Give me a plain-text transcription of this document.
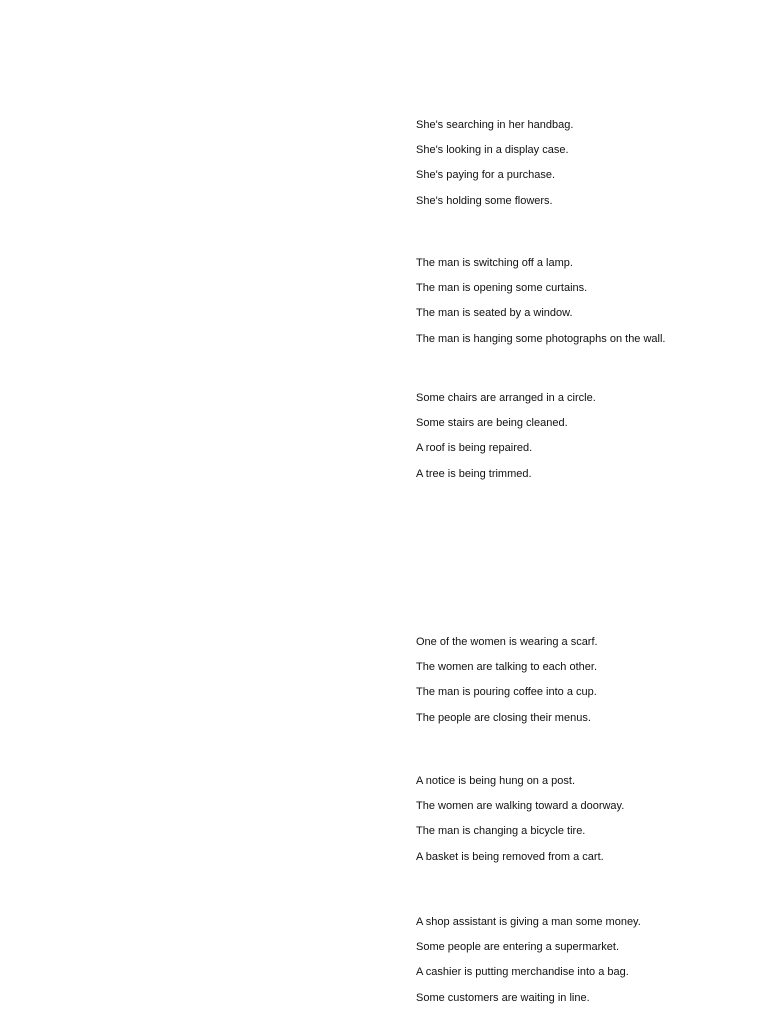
She's searching in her handbag.
She's looking in a display case.
She's paying for a purchase.
She's holding some flowers.
The man is switching off a lamp.
The man is opening some curtains.
The man is seated by a window.
The man is hanging some photographs on the wall.
Some chairs are arranged in a circle.
Some stairs are being cleaned.
A roof is being repaired.
A tree is being trimmed.
One of the women is wearing a scarf.
The women are talking to each other.
The man is pouring coffee into a cup.
The people are closing their menus.
A notice is being hung on a post.
The women are walking toward a doorway.
The man is changing a bicycle tire.
A basket is being removed from a cart.
A shop assistant is giving a man some money.
Some people are entering a supermarket.
A cashier is putting merchandise into a bag.
Some customers are waiting in line.
